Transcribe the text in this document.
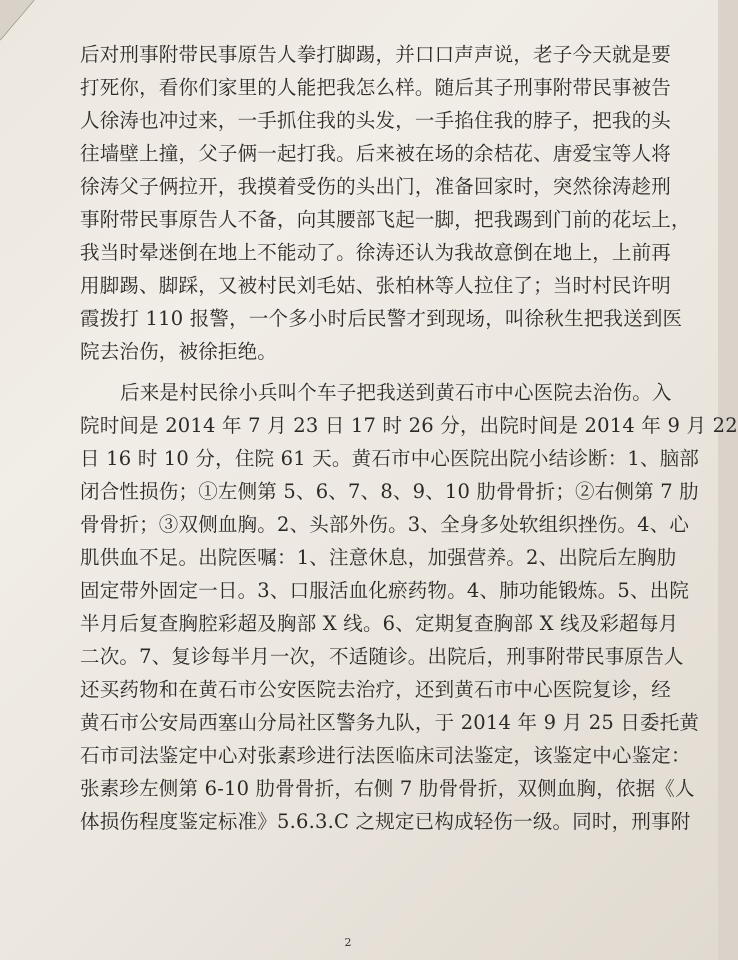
后对刑事附带民事原告人拳打脚踢，并口口声声说，老子今天就是要
打死你，看你们家里的人能把我怎么样。随后其子刑事附带民事被告
人徐涛也冲过来，一手抓住我的头发，一手掐住我的脖子，把我的头
往墙壁上撞，父子俩一起打我。后来被在场的余桔花、唐爱宝等人将
徐涛父子俩拉开，我摸着受伤的头出门，准备回家时，突然徐涛趁刑
事附带民事原告人不备，向其腰部飞起一脚，把我踢到门前的花坛上，
我当时晕迷倒在地上不能动了。徐涛还认为我故意倒在地上，上前再
用脚踢、脚踩，又被村民刘毛姑、张柏林等人拉住了；当时村民许明
霞拨打 110 报警，一个多小时后民警才到现场，叫徐秋生把我送到医
院去治伤，被徐拒绝。
后来是村民徐小兵叫个车子把我送到黄石市中心医院去治伤。入
院时间是 2014 年 7 月 23 日 17 时 26 分，出院时间是 2014 年 9 月 22
日 16 时 10 分，住院 61 天。黄石市中心医院出院小结诊断：1、脑部
闭合性损伤；①左侧第 5、6、7、8、9、10 肋骨骨折；②右侧第 7 肋
骨骨折；③双侧血胸。2、头部外伤。3、全身多处软组织挫伤。4、心
肌供血不足。出院医嘱：1、注意休息，加强营养。2、出院后左胸肋
固定带外固定一日。3、口服活血化瘀药物。4、肺功能锻炼。5、出院
半月后复查胸腔彩超及胸部 X 线。6、定期复查胸部 X 线及彩超每月
二次。7、复诊每半月一次，不适随诊。出院后，刑事附带民事原告人
还买药物和在黄石市公安医院去治疗，还到黄石市中心医院复诊，经
黄石市公安局西塞山分局社区警务九队，于 2014 年 9 月 25 日委托黄
石市司法鉴定中心对张素珍进行法医临床司法鉴定，该鉴定中心鉴定：
张素珍左侧第 6-10 肋骨骨折，右侧 7 肋骨骨折，双侧血胸，依据《人
体损伤程度鉴定标准》5.6.3.C 之规定已构成轻伤一级。同时，刑事附
2
